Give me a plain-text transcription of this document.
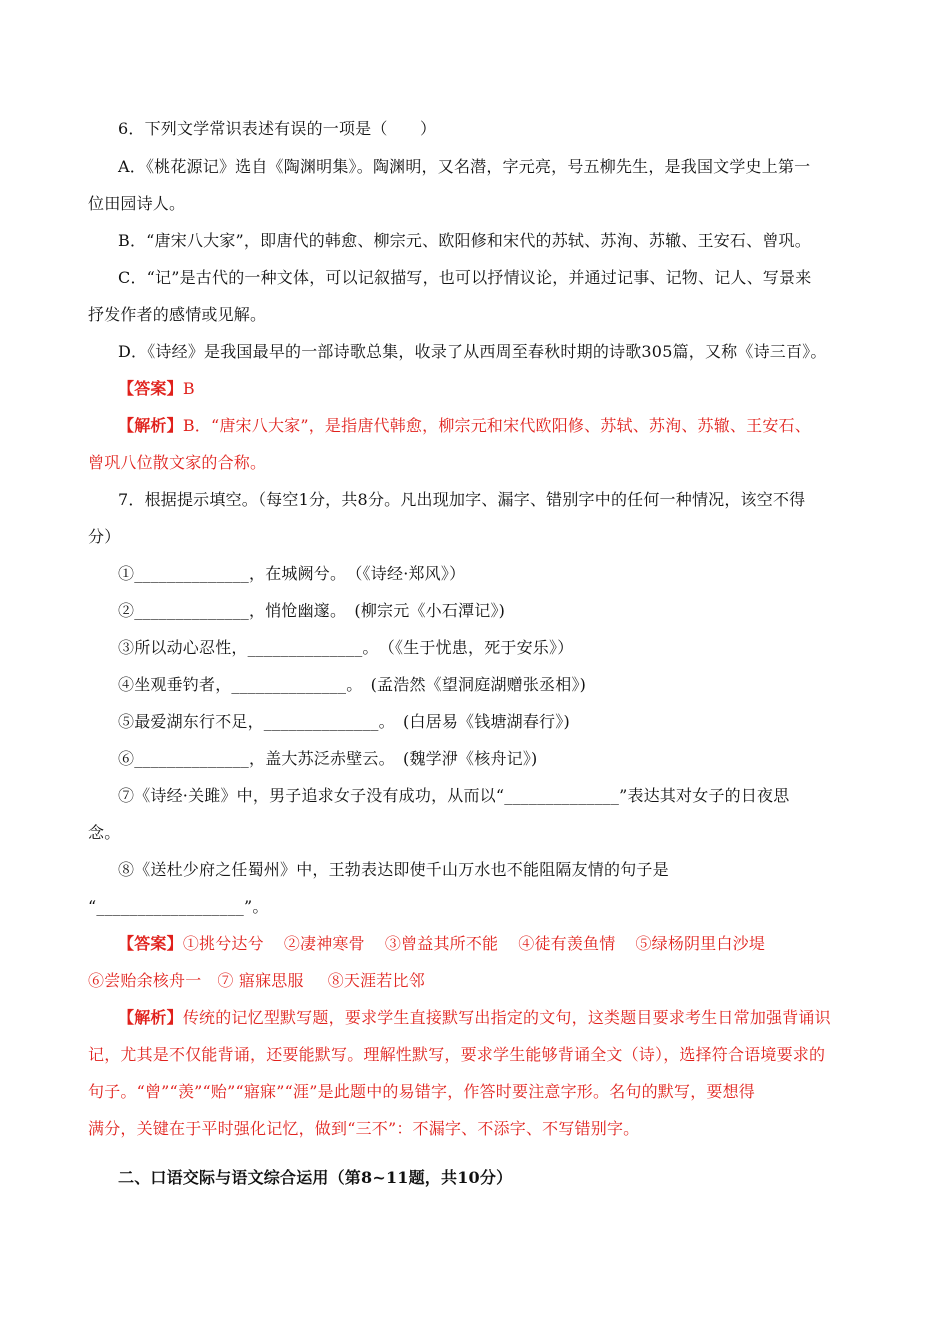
6．下列文学常识表述有误的一项是（　　）
A．《桃花源记》选自《陶渊明集》。陶渊明，又名潜，字元亮，号五柳先生，是我国文学史上第一
位田园诗人。
B．“唐宋八大家”，即唐代的韩愈、柳宗元、欧阳修和宋代的苏轼、苏洵、苏辙、王安石、曾巩。
C．“记”是古代的一种文体，可以记叙描写，也可以抒情议论，并通过记事、记物、记人、写景来
抒发作者的感情或见解。
D．《诗经》是我国最早的一部诗歌总集，收录了从西周至春秋时期的诗歌305篇，又称《诗三百》。
【答案】B
【解析】B．“唐宋八大家”，是指唐代韩愈，柳宗元和宋代欧阳修、苏轼、苏洵、苏辙、王安石、
曾巩八位散文家的合称。
7．根据提示填空。（每空1分，共8分。凡出现加字、漏字、错别字中的任何一种情况，该空不得
分）
①______________，在城阙兮。　（《诗经·郑风》）
②______________，悄怆幽邃。　(柳宗元《小石潭记》)
③所以动心忍性，______________。　（《生于忧患，死于安乐》）
④坐观垂钓者，______________。　(孟浩然《望洞庭湖赠张丞相》)
⑤最爱湖东行不足，______________。　(白居易《钱塘湖春行》)
⑥______________，盖大苏泛赤壁云。　(魏学洢《核舟记》)
⑦《诗经·关雎》中，男子追求女子没有成功，从而以“______________”表达其对女子的日夜思
念。
⑧《送杜少府之任蜀州》中，王勃表达即使千山万水也不能阻隔友情的句子是
“__________________”。
【答案】①挑兮达兮 ②凄神寒骨 ③曾益其所不能 ④徒有羡鱼情 ⑤绿杨阴里白沙堤
⑥尝贻余核舟一 ⑦ 寤寐思服 ⑧天涯若比邻
【解析】传统的记忆型默写题，要求学生直接默写出指定的文句，这类题目要求考生日常加强背诵识
记，尤其是不仅能背诵，还要能默写。理解性默写，要求学生能够背诵全文（诗），选择符合语境要求的
句子。“曾”“羡”“贻”“寤寐”“涯”是此题中的易错字，作答时要注意字形。名句的默写，要想得
满分，关键在于平时强化记忆，做到“三不”：不漏字、不添字、不写错别字。
二、口语交际与语文综合运用（第8~11题，共10分）
